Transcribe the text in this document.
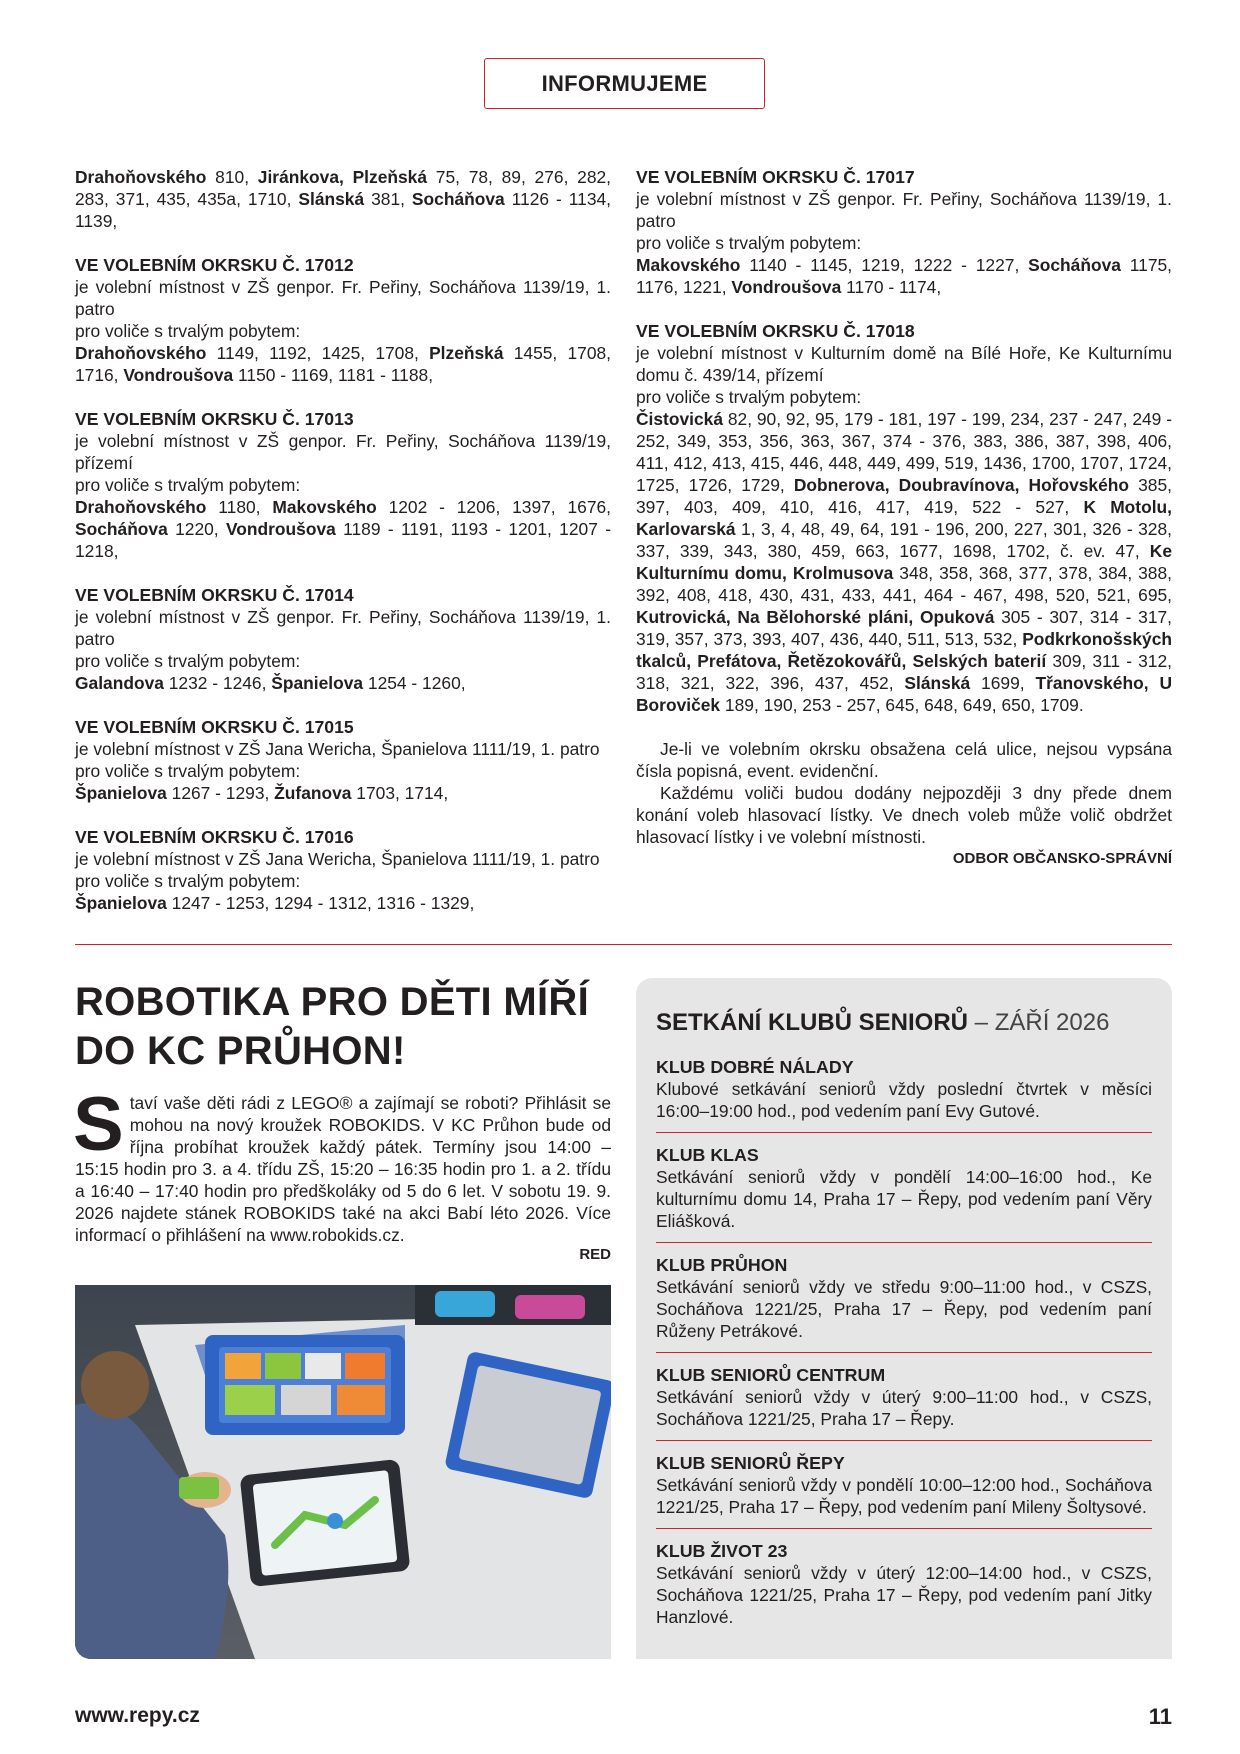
INFORMUJEME

Drahoňovského 810, Jiránkova, Plzeňská 75, 78, 89, 276, 282, 283, 371, 435, 435a, 1710, Slánská 381, Socháňova 1126 - 1134, 1139,

VE VOLEBNÍM OKRSKU Č. 17012

je volební místnost v ZŠ genpor. Fr. Peřiny, Socháňova 1139/19, 1. patro

pro voliče s trvalým pobytem:

Drahoňovského 1149, 1192, 1425, 1708, Plzeňská 1455, 1708, 1716, Vondroušova 1150 - 1169, 1181 - 1188,

VE VOLEBNÍM OKRSKU Č. 17013

je volební místnost v ZŠ genpor. Fr. Peřiny, Socháňova 1139/19, přízemí

pro voliče s trvalým pobytem:

Drahoňovského 1180, Makovského 1202 - 1206, 1397, 1676, Socháňova 1220, Vondroušova 1189 - 1191, 1193 - 1201, 1207 - 1218,

VE VOLEBNÍM OKRSKU Č. 17014

je volební místnost v ZŠ genpor. Fr. Peřiny, Socháňova 1139/19, 1. patro

pro voliče s trvalým pobytem:

Galandova 1232 - 1246, Španielova 1254 - 1260,

VE VOLEBNÍM OKRSKU Č. 17015

je volební místnost v ZŠ Jana Wericha, Španielova 1111/19, 1. patro

pro voliče s trvalým pobytem:

Španielova 1267 - 1293, Žufanova 1703, 1714,

VE VOLEBNÍM OKRSKU Č. 17016

je volební místnost v ZŠ Jana Wericha, Španielova 1111/19, 1. patro

pro voliče s trvalým pobytem:

Španielova 1247 - 1253, 1294 - 1312, 1316 - 1329,

VE VOLEBNÍM OKRSKU Č. 17017

je volební místnost v ZŠ genpor. Fr. Peřiny, Socháňova 1139/19, 1. patro

pro voliče s trvalým pobytem:

Makovského 1140 - 1145, 1219, 1222 - 1227, Socháňova 1175, 1176, 1221, Vondroušova 1170 - 1174,

VE VOLEBNÍM OKRSKU Č. 17018

je volební místnost v Kulturním domě na Bílé Hoře, Ke Kulturnímu domu č. 439/14, přízemí

pro voliče s trvalým pobytem:

Čistovická 82, 90, 92, 95, 179 - 181, 197 - 199, 234, 237 - 247, 249 - 252, 349, 353, 356, 363, 367, 374 - 376, 383, 386, 387, 398, 406, 411, 412, 413, 415, 446, 448, 449, 499, 519, 1436, 1700, 1707, 1724, 1725, 1726, 1729, Dobnerova, Doubravínova, Hořovského 385, 397, 403, 409, 410, 416, 417, 419, 522 - 527, K Motolu, Karlovarská 1, 3, 4, 48, 49, 64, 191 - 196, 200, 227, 301, 326 - 328, 337, 339, 343, 380, 459, 663, 1677, 1698, 1702, č. ev. 47, Ke Kulturnímu domu, Krolmusova 348, 358, 368, 377, 378, 384, 388, 392, 408, 418, 430, 431, 433, 441, 464 - 467, 498, 520, 521, 695, Kutrovická, Na Bělohorské pláni, Opuková 305 - 307, 314 - 317, 319, 357, 373, 393, 407, 436, 440, 511, 513, 532, Podkrkonošských tkalců, Prefátova, Řetězokovářů, Selských baterií 309, 311 - 312, 318, 321, 322, 396, 437, 452, Slánská 1699, Třanovského, U Boroviček 189, 190, 253 - 257, 645, 648, 649, 650, 1709.

Je-li ve volebním okrsku obsažena celá ulice, nejsou vypsána čísla popisná, event. evidenční.

Každému voliči budou dodány nejpozději 3 dny přede dnem konání voleb hlasovací lístky. Ve dnech voleb může volič obdržet hlasovací lístky i ve volební místnosti.

ODBOR OBČANSKO-SPRÁVNÍ

ROBOTIKA PRO DĚTI MÍŘÍ
DO KC PRŮHON!
S taví vaše děti rádi z LEGO® a zajímají se roboti? Přihlásit se mohou na nový kroužek ROBOKIDS. V KC Průhon bude od října probíhat kroužek každý pátek. Termíny jsou 14:00 – 15:15 hodin pro 3. a 4. třídu ZŠ, 15:20 – 16:35 hodin pro 1. a 2. třídu a 16:40 – 17:40 hodin pro předškoláky od 5 do 6 let. V sobotu 19. 9. 2026 najdete stánek ROBOKIDS také na akci Babí léto 2026. Více informací o přihlášení na www.robokids.cz.
RED
SETKÁNÍ KLUBŮ SENIORŮ – ZÁŘÍ 2026
KLUB DOBRÉ NÁLADY
Klubové setkávání seniorů vždy poslední čtvrtek v měsíci 16:00–19:00 hod., pod vedením paní Evy Gutové.
KLUB KLAS
Setkávání seniorů vždy v pondělí 14:00–16:00 hod., Ke kulturnímu domu 14, Praha 17 – Řepy, pod vedením paní Věry Eliášková.
KLUB PRŮHON
Setkávání seniorů vždy ve středu 9:00–11:00 hod., v CSZS, Socháňova 1221/25, Praha 17 – Řepy, pod vedením paní Růženy Petrákové.
KLUB SENIORŮ CENTRUM
Setkávání seniorů vždy v úterý 9:00–11:00 hod., v CSZS, Socháňova 1221/25, Praha 17 – Řepy.
KLUB SENIORŮ ŘEPY
Setkávání seniorů vždy v pondělí 10:00–12:00 hod., Socháňova 1221/25, Praha 17 – Řepy, pod vedením paní Mileny Šoltysové.
KLUB ŽIVOT 23
Setkávání seniorů vždy v úterý 12:00–14:00 hod., v CSZS, Socháňova 1221/25, Praha 17 – Řepy, pod vedením paní Jitky Hanzlové.
www.repy.cz	11
